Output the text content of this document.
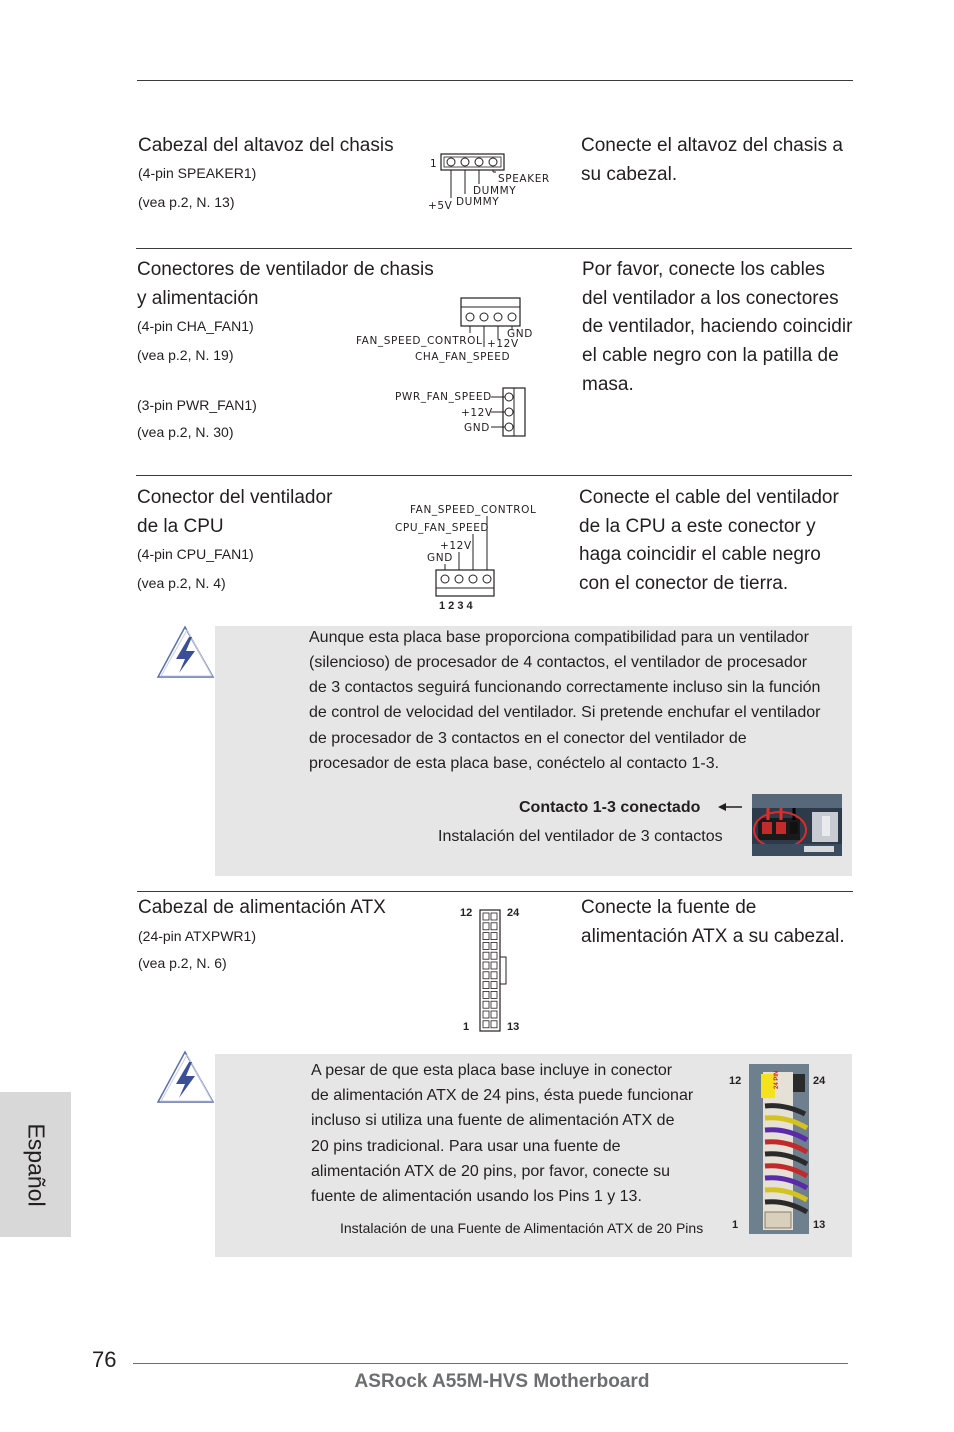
Cabezal del altavoz del chasis
(4-pin SPEAKER1)
(vea p.2, N. 13)
1
SPEAKER
DUMMY
+5V DUMMY
Conecte el altavoz del chasis a
su cabezal.
Conectores de ventilador de chasis
y alimentación
(4-pin CHA_FAN1)
(vea p.2, N. 19)
(3-pin PWR_FAN1)
(vea p.2, N. 30)
GND
FAN_SPEED_CONTROL +12V
CHA_FAN_SPEED
PWR_FAN_SPEED
+12V
GND
Por favor, conecte los cables
del ventilador a los conectores
de ventilador, haciendo coincidir
el cable negro con la patilla de
masa.
Conector del ventilador
de la CPU
(4-pin CPU_FAN1)
(vea p.2, N. 4)
FAN_SPEED_CONTROL
CPU_FAN_SPEED
+12V
GND
1 2 3 4
Conecte el cable del ventilador
de la CPU a este conector y
haga coincidir el cable negro
con el conector de tierra.
Aunque esta placa base proporciona compatibilidad para un ventilador
(silencioso) de procesador de 4 contactos, el ventilador de procesador
de 3 contactos seguirá funcionando correctamente incluso sin la función
de control de velocidad del ventilador. Si pretende enchufar el ventilador
de procesador de 3 contactos en el conector del ventilador de
procesador de esta placa base, conéctelo al contacto 1-3.
Contacto 1-3 conectado
Instalación del ventilador de 3 contactos
Cabezal de alimentación ATX
(24-pin ATXPWR1)
(vea p.2, N. 6)
12	24
1	13
Conecte la fuente de
alimentación ATX a su cabezal.
A pesar de que esta placa base incluye in conector
de alimentación ATX de 24 pins, ésta puede funcionar
incluso si utiliza una fuente de alimentación ATX de
20 pins tradicional. Para usar una fuente de
alimentación ATX de 20 pins, por favor, conecte su
fuente de alimentación usando los Pins 1 y 13.
Instalación de una Fuente de Alimentación ATX de 20 Pins
12	24
1	13
24 PIN
Español
76
ASRock A55M-HVS Motherboard
